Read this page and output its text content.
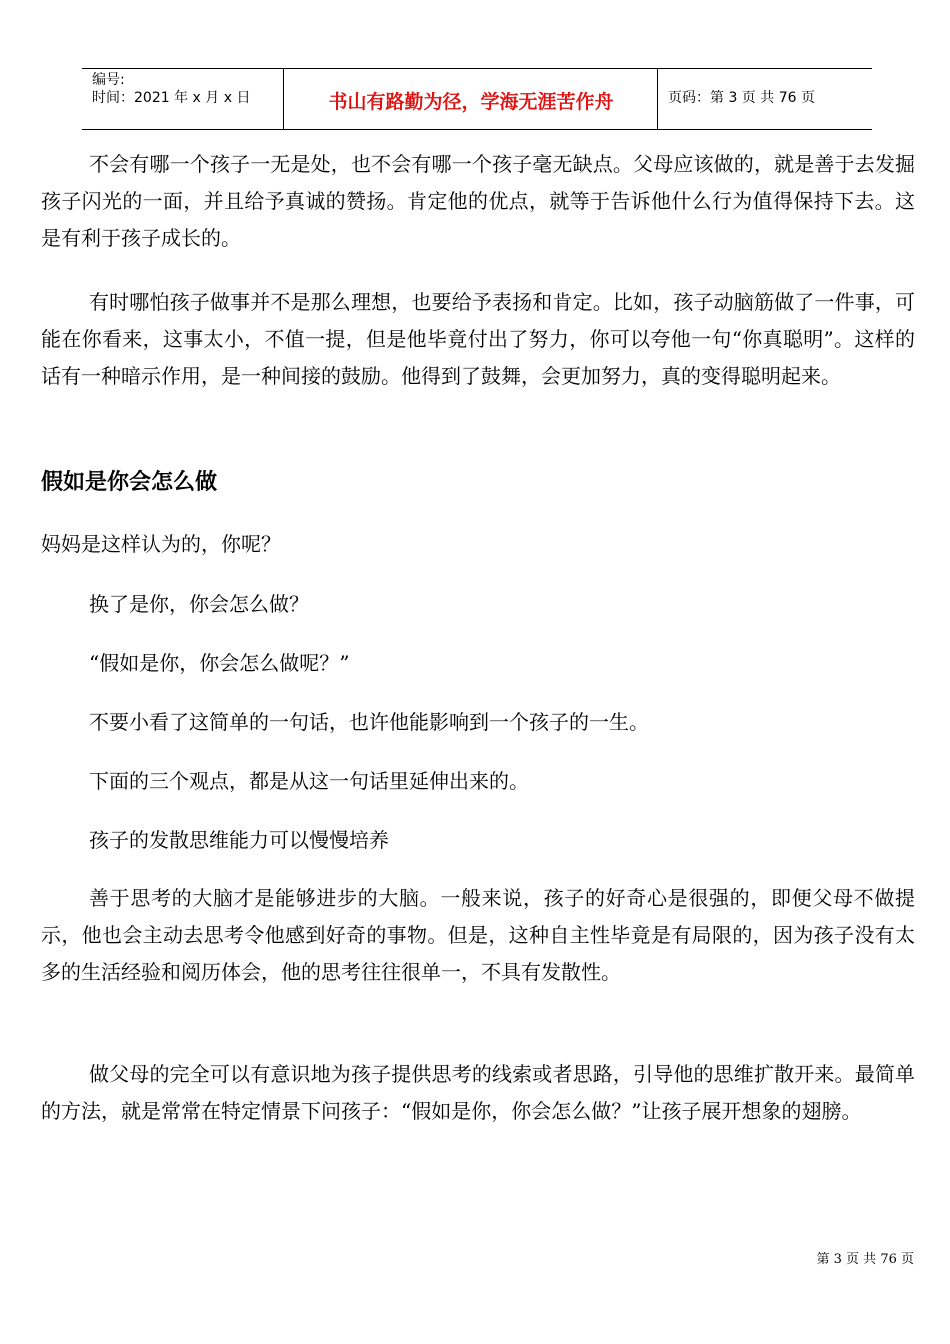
编号:
时间：2021 年 x 月 x 日	书山有路勤为径，学海无涯苦作舟	页码：第 3 页 共 76 页

不会有哪一个孩子一无是处，也不会有哪一个孩子毫无缺点。父母应该做的，就是善于去发掘孩子闪光的一面，并且给予真诚的赞扬。肯定他的优点，就等于告诉他什么行为值得保持下去。这是有利于孩子成长的。

有时哪怕孩子做事并不是那么理想，也要给予表扬和肯定。比如，孩子动脑筋做了一件事，可能在你看来，这事太小，不值一提，但是他毕竟付出了努力，你可以夸他一句“你真聪明”。这样的话有一种暗示作用，是一种间接的鼓励。他得到了鼓舞，会更加努力，真的变得聪明起来。

假如是你会怎么做

妈妈是这样认为的，你呢？

换了是你，你会怎么做？

“假如是你，你会怎么做呢？”

不要小看了这简单的一句话，也许他能影响到一个孩子的一生。

下面的三个观点，都是从这一句话里延伸出来的。

孩子的发散思维能力可以慢慢培养

善于思考的大脑才是能够进步的大脑。一般来说，孩子的好奇心是很强的，即便父母不做提示，他也会主动去思考令他感到好奇的事物。但是，这种自主性毕竟是有局限的，因为孩子没有太多的生活经验和阅历体会，他的思考往往很单一，不具有发散性。

做父母的完全可以有意识地为孩子提供思考的线索或者思路，引导他的思维扩散开来。最简单的方法，就是常常在特定情景下问孩子：“假如是你，你会怎么做？”让孩子展开想象的翅膀。

第 3 页 共 76 页
